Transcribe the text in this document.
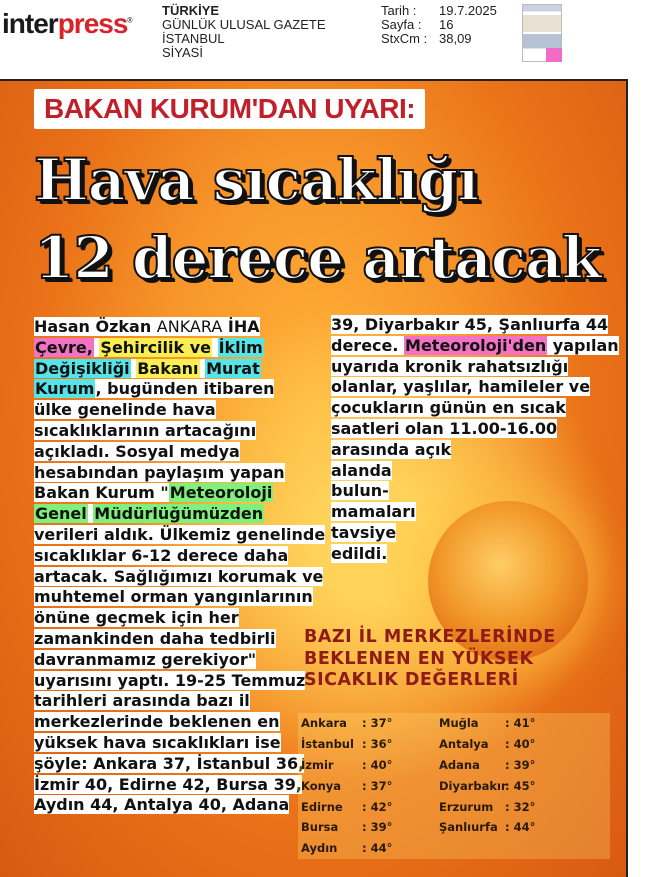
interpress®
TÜRKİYE
GÜNLÜK ULUSAL GAZETE
İSTANBUL
SİYASİ
Tarih :	19.7.2025
Sayfa :	16
StxCm : 38,09
BAKAN KURUM'DAN UYARI:
Hava sıcaklığı
12 derece artacak
Hasan Özkan ANKARA İHA
Çevre, Şehircilik ve İklim
Değişikliği Bakanı Murat
Kurum, bugünden itibaren
ülke genelinde hava
sıcaklıklarının artacağını
açıkladı. Sosyal medya
hesabından paylaşım yapan
Bakan Kurum "Meteoroloji
Genel Müdürlüğümüzden
verileri aldık. Ülkemiz genelinde
sıcaklıklar 6-12 derece daha
artacak. Sağlığımızı korumak ve
muhtemel orman yangınlarının
önüne geçmek için her
zamankinden daha tedbirli
davranmamız gerekiyor"
uyarısını yaptı. 19-25 Temmuz
tarihleri arasında bazı il
merkezlerinde beklenen en
yüksek hava sıcaklıkları ise
şöyle: Ankara 37, İstanbul 36,
İzmir 40, Edirne 42, Bursa 39,
Aydın 44, Antalya 40, Adana
39, Diyarbakır 45, Şanlıurfa 44
derece. Meteoroloji'den yapılan
uyarıda kronik rahatsızlığı
olanlar, yaşlılar, hamileler ve
çocukların günün en sıcak
saatleri olan 11.00-16.00
arasında açık
alanda
bulun-
mamaları
tavsiye
edildi.
BAZI İL MERKEZLERİNDE
BEKLENEN EN YÜKSEK
SICAKLIK DEĞERLERİ
Ankara	: 37°
İstanbul : 36°
İzmir	: 40°
Konya	: 37°
Edirne	: 42°
Bursa	: 39°
Aydın	: 44°
Muğla	: 41°
Antalya	: 40°
Adana	: 39°
Diyarbakır
: 45°
Erzurum	: 32°
Şanlıurfa : 44°
